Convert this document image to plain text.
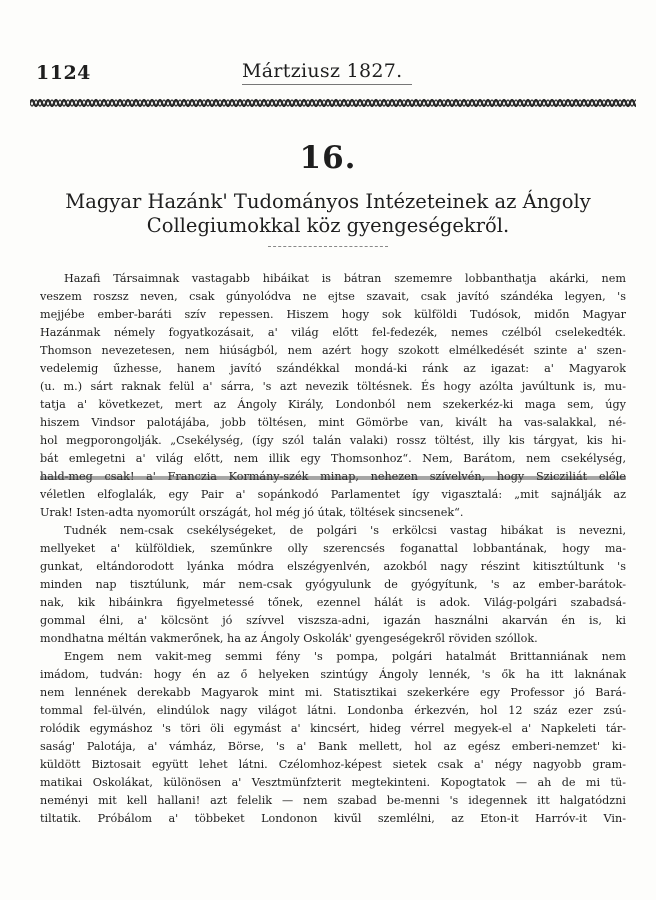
1124	Mártziusz 1827.
16.
Magyar Hazánk' Tudományos Intézeteinek az Ángoly
Collegiumokkal köz gyengeségekről.
Hazafi Társaimnak vastagabb hibáikat is bátran szememre lobbanthatja akárki, nem
veszem roszsz neven, csak gúnyolódva ne ejtse szavait, csak javító szándéka legyen, 's
mejjébe ember-baráti szív repessen. Hiszem hogy sok külföldi Tudósok, midőn Magyar
Hazánmak némely fogyatkozásait, a' világ előtt fel-fedezék, nemes czélból cselekedték.
Thomson nevezetesen, nem hiúságból, nem azért hogy szokott elmélkedését szinte a' szen-
vedelemig űzhesse, hanem javító szándékkal mondá-ki ránk az igazat: a' Magyarok
(u. m.) sárt raknak felül a' sárra, 's azt nevezik töltésnek. És hogy azólta javúltunk is, mu-
tatja a' következet, mert az Ángoly Király, Londonból nem szekerkéz-ki maga sem, úgy
hiszem Vindsor palotájába, jobb töltésen, mint Gömörbe van, kivált ha vas-salakkal, né-
hol megporongolják. „Csekélység, (így szól talán valaki) rossz töltést, illy kis tárgyat, kis hi-
bát emlegetni a' világ előtt, nem illik egy Thomsonhoz“. Nem, Barátom, nem csekélység,
hald-meg csak! a' Franczia Kormány-szék minap, nehezen szívelvén, hogy Szicziliát előle
véletlen elfoglalák, egy Pair a' sopánkodó Parlamentet így vigasztalá: „mit sajnálják az
Urak! Isten-adta nyomorúlt országát, hol még jó útak, töltések sincsenek“.
Tudnék nem-csak csekélységeket, de polgári 's erkölcsi vastag hibákat is nevezni,
mellyeket a' külföldiek, szeműnkre olly szerencsés foganattal lobbantának, hogy ma-
gunkat, eltándorodott lyánka módra elszégyenlvén, azokból nagy részint kitisztúltunk 's
minden nap tisztúlunk, már nem-csak gyógyulunk de gyógyítunk, 's az ember-barátok-
nak, kik hibáinkra figyelmetessé tőnek, ezennel hálát is adok. Világ-polgári szabadsá-
gommal élni, a' kölcsönt jó szívvel viszsza-adni, igazán használni akarván én is, ki
mondhatna méltán vakmerőnek, ha az Ángoly Oskolák' gyengeségekről röviden szóllok.
Engem nem vakit-meg semmi fény 's pompa, polgári hatalmát Brittanniának nem
imádom, tudván: hogy én az ő helyeken szintúgy Ángoly lennék, 's ők ha itt laknának
nem lennének derekabb Magyarok mint mi. Statisztikai szekerkére egy Professor jó Bará-
tommal fel-ülvén, elindúlok nagy világot látni. Londonba érkezvén, hol 12 száz ezer zsú-
rolódik egymáshoz 's töri öli egymást a' kincsért, hideg vérrel megyek-el a' Napkeleti tár-
saság' Palotája, a' vámház, Börse, 's a' Bank mellett, hol az egész emberi-nemzet' ki-
küldött Biztosait együtt lehet látni. Czélomhoz-képest sietek csak a' négy nagyobb gram-
matikai Oskolákat, különösen a' Vesztmünfzterit megtekinteni. Kopogtatok — ah de mi tü-
neményi mit kell hallani! azt felelik — nem szabad be-menni 's idegennek itt halgatódzni
tiltatik. Próbálom a' többeket Londonon kivűl szemlélni, az Eton-it Harróv-it Vin-
